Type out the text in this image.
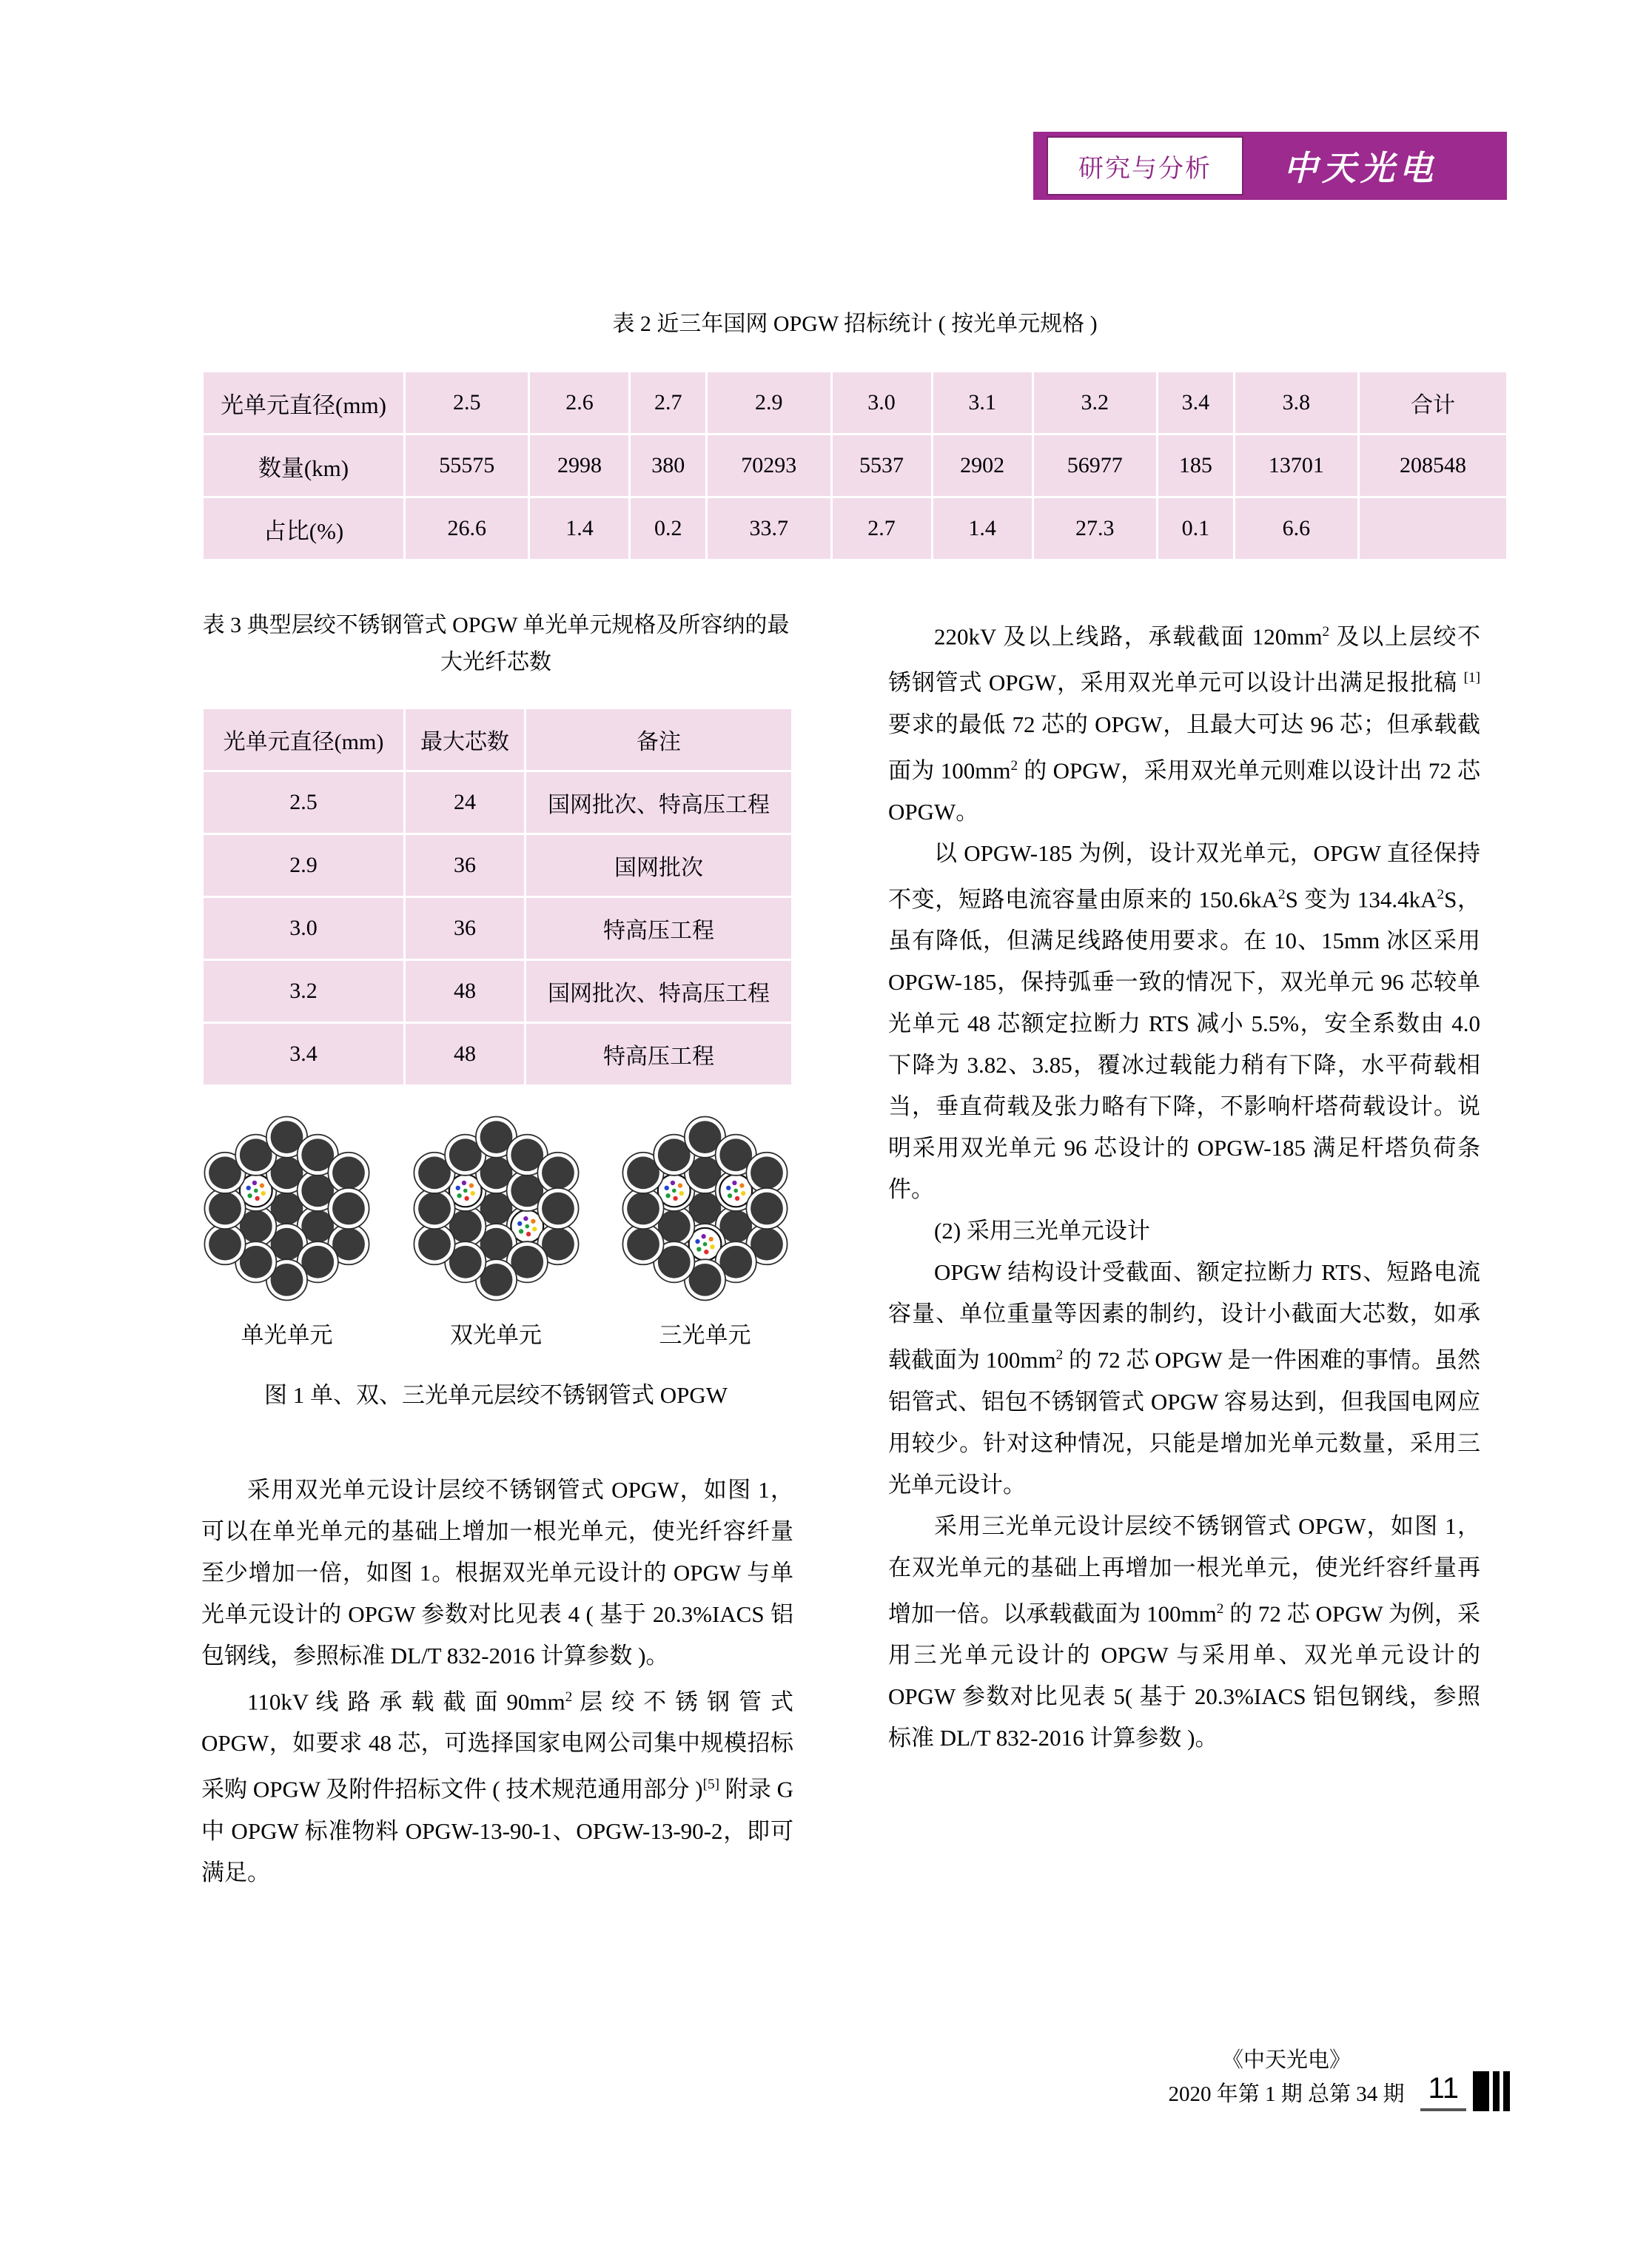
研究与分析	中天光电
表 2 近三年国网 OPGW 招标统计 ( 按光单元规格 )
光单元直径(mm)	2.5	2.6	2.7	2.9	3.0	3.1	3.2	3.4	3.8	合计
数量(km)	55575	2998	380	70293	5537	2902	56977	185	13701	208548
占比(%)	26.6	1.4	0.2	33.7	2.7	1.4	27.3	0.1	6.6	
表 3 典型层绞不锈钢管式 OPGW 单光单元规格及所容纳的最大光纤芯数
光单元直径(mm)	最大芯数	备注
2.5	24	国网批次、特高压工程
2.9	36	国网批次
3.0	36	特高压工程
3.2	48	国网批次、特高压工程
3.4	48	特高压工程
单光单元	双光单元	三光单元
图 1 单、双、三光单元层绞不锈钢管式 OPGW

采用双光单元设计层绞不锈钢管式 OPGW，如图 1，可以在单光单元的基础上增加一根光单元，使光纤容纤量至少增加一倍，如图 1。根据双光单元设计的 OPGW 与单光单元设计的 OPGW 参数对比见表 4 ( 基于 20.3%IACS 铝包钢线，参照标准 DL/T 832-2016 计算参数 )。

110kV 线 路 承 载 截 面 $90mm^2$ 层 绞 不 锈 钢 管 式 OPGW，如要求 48 芯，可选择国家电网公司集中规模招标采购 OPGW 及附件招标文件 ( 技术规范通用部分 )[5] 附录 G 中 OPGW 标准物料 OPGW-13-90-1、OPGW-13-90-2，即可满足。

220kV 及以上线路，承载截面 $120mm^2$ 及以上层绞不锈钢管式 OPGW，采用双光单元可以设计出满足报批稿 [1] 要求的最低 72 芯的 OPGW，且最大可达 96 芯；但承载截面为 $100mm^2$ 的 OPGW，采用双光单元则难以设计出 72 芯 OPGW。

以 OPGW-185 为例，设计双光单元，OPGW 直径保持不变，短路电流容量由原来的 $150.6kA^2S$ 变为 $134.4kA^2S$，虽有降低，但满足线路使用要求。在 10、15mm 冰区采用 OPGW-185，保持弧垂一致的情况下，双光单元 96 芯较单光单元 48 芯额定拉断力 RTS 减小 5.5%，安全系数由 4.0 下降为 3.82、3.85，覆冰过载能力稍有下降，水平荷载相当，垂直荷载及张力略有下降，不影响杆塔荷载设计。说明采用双光单元 96 芯设计的 OPGW-185 满足杆塔负荷条件。

(2) 采用三光单元设计

OPGW 结构设计受截面、额定拉断力 RTS、短路电流容量、单位重量等因素的制约，设计小截面大芯数，如承载截面为 $100mm^2$ 的 72 芯 OPGW 是一件困难的事情。虽然铝管式、铝包不锈钢管式 OPGW 容易达到，但我国电网应用较少。针对这种情况，只能是增加光单元数量，采用三光单元设计。

采用三光单元设计层绞不锈钢管式 OPGW，如图 1，在双光单元的基础上再增加一根光单元，使光纤容纤量再增加一倍。以承载截面为 $100mm^2$ 的 72 芯 OPGW 为例，采用三光单元设计的 OPGW 与采用单、双光单元设计的 OPGW 参数对比见表 5( 基于 20.3%IACS 铝包钢线，参照标准 DL/T 832-2016 计算参数 )。

《中天光电》
2020 年第 1 期 总第 34 期 11
